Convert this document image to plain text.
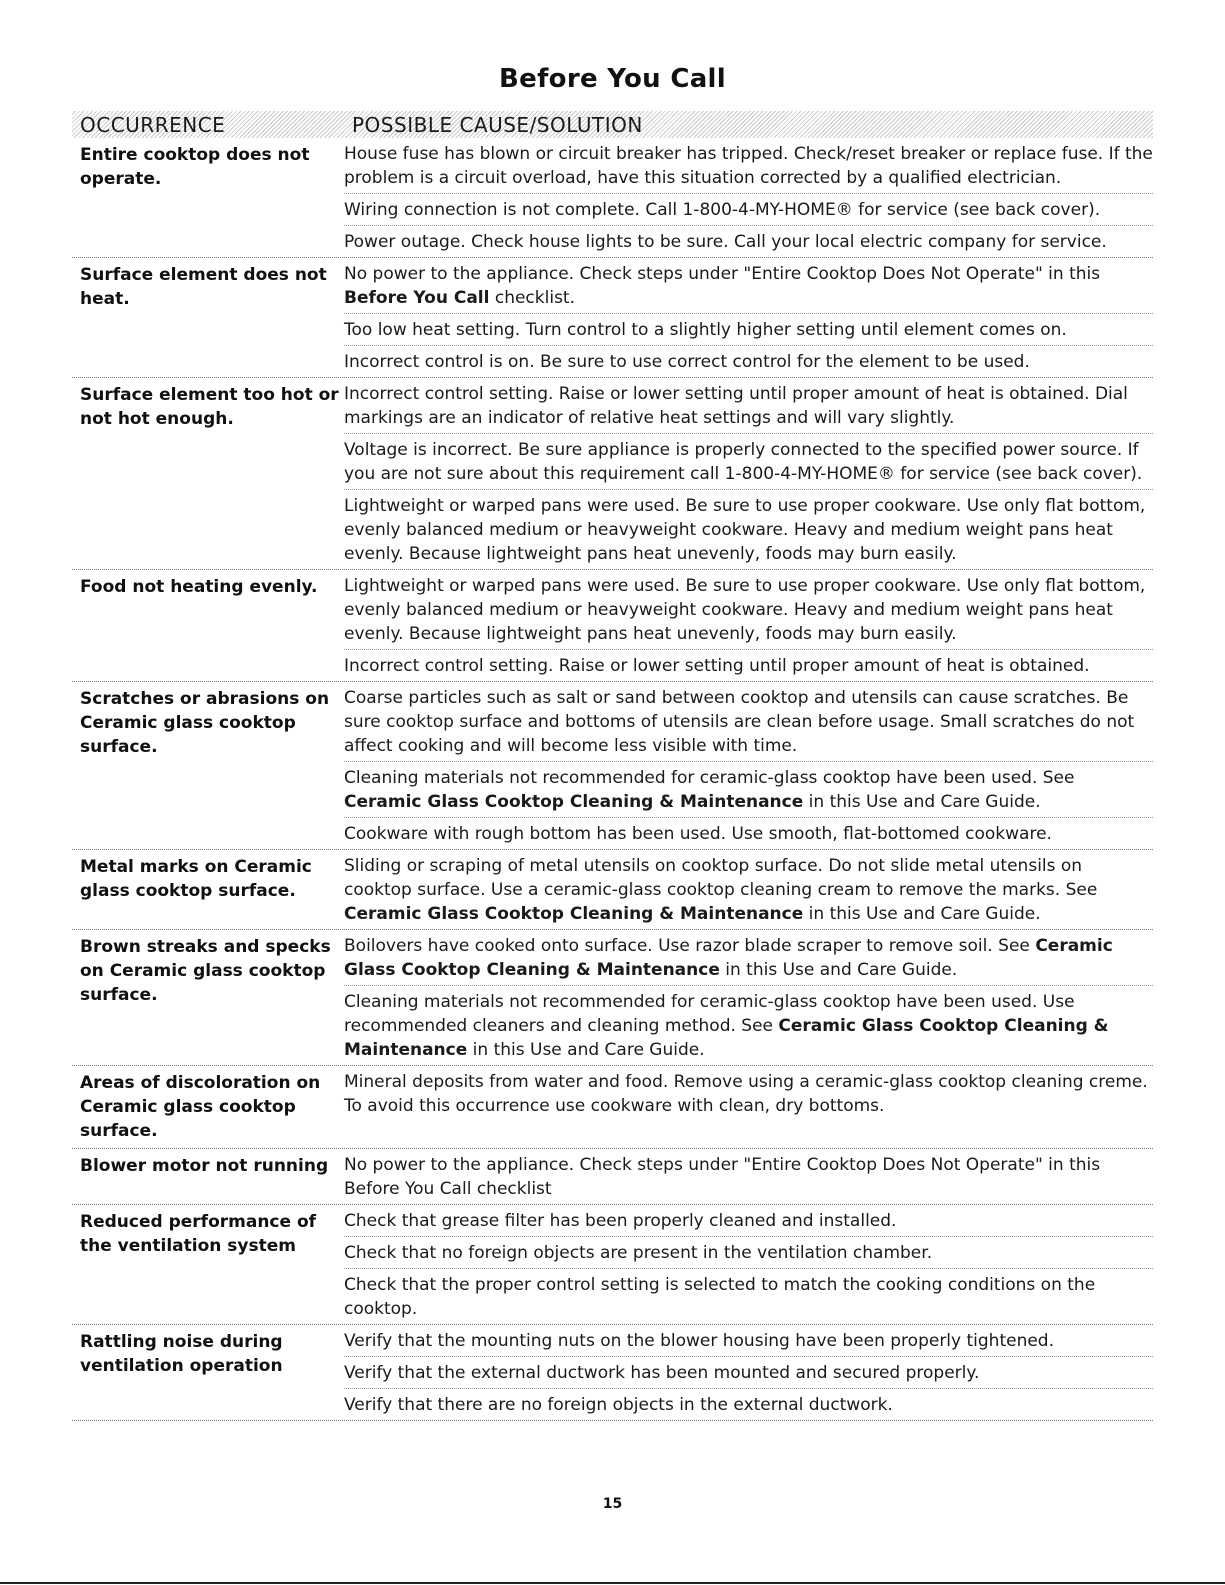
Before You Call
OCCURRENCE	POSSIBLE CAUSE/SOLUTION
Entire cooktop does not operate.
House fuse has blown or circuit breaker has tripped. Check/reset breaker or replace fuse. If the problem is a circuit overload, have this situation corrected by a qualified electrician.
Wiring connection is not complete. Call 1-800-4-MY-HOME® for service (see back cover).
Power outage. Check house lights to be sure. Call your local electric company for service.
Surface element does not heat.
No power to the appliance. Check steps under "Entire Cooktop Does Not Operate" in this Before You Call checklist.
Too low heat setting. Turn control to a slightly higher setting until element comes on.
Incorrect control is on. Be sure to use correct control for the element to be used.
Surface element too hot or not hot enough.
Incorrect control setting. Raise or lower setting until proper amount of heat is obtained. Dial markings are an indicator of relative heat settings and will vary slightly.
Voltage is incorrect. Be sure appliance is properly connected to the specified power source. If you are not sure about this requirement call 1-800-4-MY-HOME® for service (see back cover).
Lightweight or warped pans were used. Be sure to use proper cookware. Use only flat bottom, evenly balanced medium or heavyweight cookware. Heavy and medium weight pans heat evenly. Because lightweight pans heat unevenly, foods may burn easily.
Food not heating evenly.	Lightweight or warped pans were used. Be sure to use proper cookware. Use only flat bottom, evenly balanced medium or heavyweight cookware. Heavy and medium weight pans heat evenly. Because lightweight pans heat unevenly, foods may burn easily.
Incorrect control setting. Raise or lower setting until proper amount of heat is obtained.
Scratches or abrasions on Ceramic glass cooktop surface.
Coarse particles such as salt or sand between cooktop and utensils can cause scratches. Be sure cooktop surface and bottoms of utensils are clean before usage. Small scratches do not affect cooking and will become less visible with time.
Cleaning materials not recommended for ceramic-glass cooktop have been used. See Ceramic Glass Cooktop Cleaning & Maintenance in this Use and Care Guide.
Cookware with rough bottom has been used. Use smooth, flat-bottomed cookware.
Metal marks on Ceramic glass cooktop surface.
Sliding or scraping of metal utensils on cooktop surface. Do not slide metal utensils on cooktop surface. Use a ceramic-glass cooktop cleaning cream to remove the marks. See Ceramic Glass Cooktop Cleaning & Maintenance in this Use and Care Guide.
Brown streaks and specks on Ceramic glass cooktop surface.
Boilovers have cooked onto surface. Use razor blade scraper to remove soil. See Ceramic Glass Cooktop Cleaning & Maintenance in this Use and Care Guide.
Cleaning materials not recommended for ceramic-glass cooktop have been used. Use recommended cleaners and cleaning method. See Ceramic Glass Cooktop Cleaning & Maintenance in this Use and Care Guide.
Areas of discoloration on Ceramic glass cooktop surface.
Mineral deposits from water and food. Remove using a ceramic-glass cooktop cleaning creme. To avoid this occurrence use cookware with clean, dry bottoms.
Blower motor not running No power to the appliance. Check steps under "Entire Cooktop Does Not Operate" in this Before You Call checklist
Reduced performance of the ventilation system
Check that grease filter has been properly cleaned and installed.
Check that no foreign objects are present in the ventilation chamber.
Check that the proper control setting is selected to match the cooking conditions on the cooktop.
Rattling noise during ventilation operation
Verify that the mounting nuts on the blower housing have been properly tightened.
Verify that the external ductwork has been mounted and secured properly.
Verify that there are no foreign objects in the external ductwork.
15
